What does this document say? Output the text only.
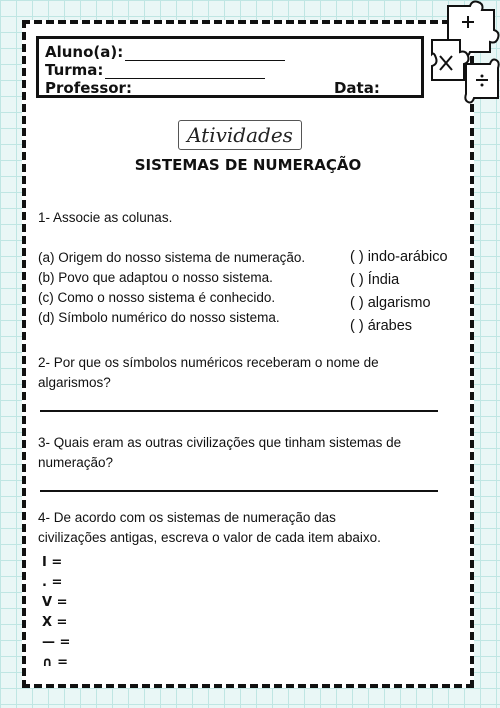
Aluno(a):
Turma:
Professor:	Data:
Atividades
SISTEMAS DE NUMERAÇÃO
1- Associe as colunas.
(a) Origem do nosso sistema de numeração.
(b) Povo que adaptou o nosso sistema.
(c) Como o nosso sistema é conhecido.
(d) Símbolo numérico do nosso sistema.
( ) indo-arábico
( ) Índia
( ) algarismo
( ) árabes
2- Por que os símbolos numéricos receberam o nome de
algarismos?
3- Quais eram as outras civilizações que tinham sistemas de
numeração?
4- De acordo com os sistemas de numeração das
civilizações antigas, escreva o valor de cada item abaixo.
I =
. =
V =
X =
— =
∩ =
